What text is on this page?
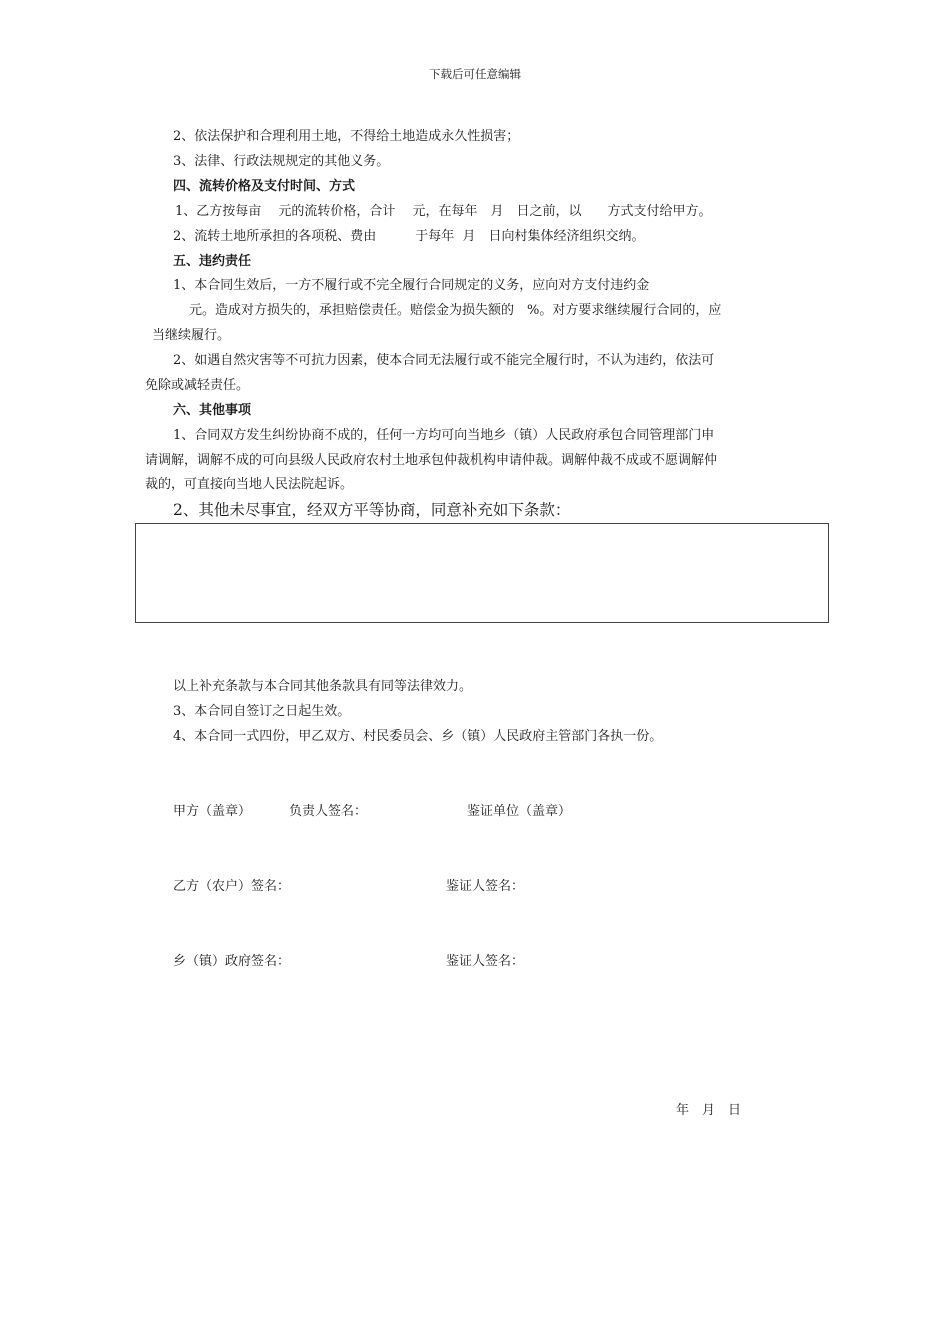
下载后可任意编辑
2、依法保护和合理利用土地，不得给土地造成永久性损害；
3、法律、行政法规规定的其他义务。
四、流转价格及支付时间、方式
1、乙方按每亩　 元的流转价格，合计　 元，在每年　月　日之前，以　　方式支付给甲方。
2、流转土地所承担的各项税、费由　　　于每年  月　日向村集体经济组织交纳。
五、违约责任
1、本合同生效后，一方不履行或不完全履行合同规定的义务，应向对方支付违约金
元。造成对方损失的，承担赔偿责任。赔偿金为损失额的　%。对方要求继续履行合同的，应
当继续履行。
2、如遇自然灾害等不可抗力因素，使本合同无法履行或不能完全履行时，不认为违约，依法可
免除或减轻责任。
六、其他事项
1、合同双方发生纠纷协商不成的，任何一方均可向当地乡（镇）人民政府承包合同管理部门申
请调解，调解不成的可向县级人民政府农村土地承包仲裁机构申请仲裁。调解仲裁不成或不愿调解仲
裁的，可直接向当地人民法院起诉。
2、其他未尽事宜，经双方平等协商，同意补充如下条款：
以上补充条款与本合同其他条款具有同等法律效力。
3、本合同自签订之日起生效。
4、本合同一式四份，甲乙双方、村民委员会、乡（镇）人民政府主管部门各执一份。
甲方（盖章）	负责人签名：	鉴证单位（盖章）
乙方（农户）签名：	鉴证人签名：
乡（镇）政府签名：	鉴证人签名：
年　月　日
